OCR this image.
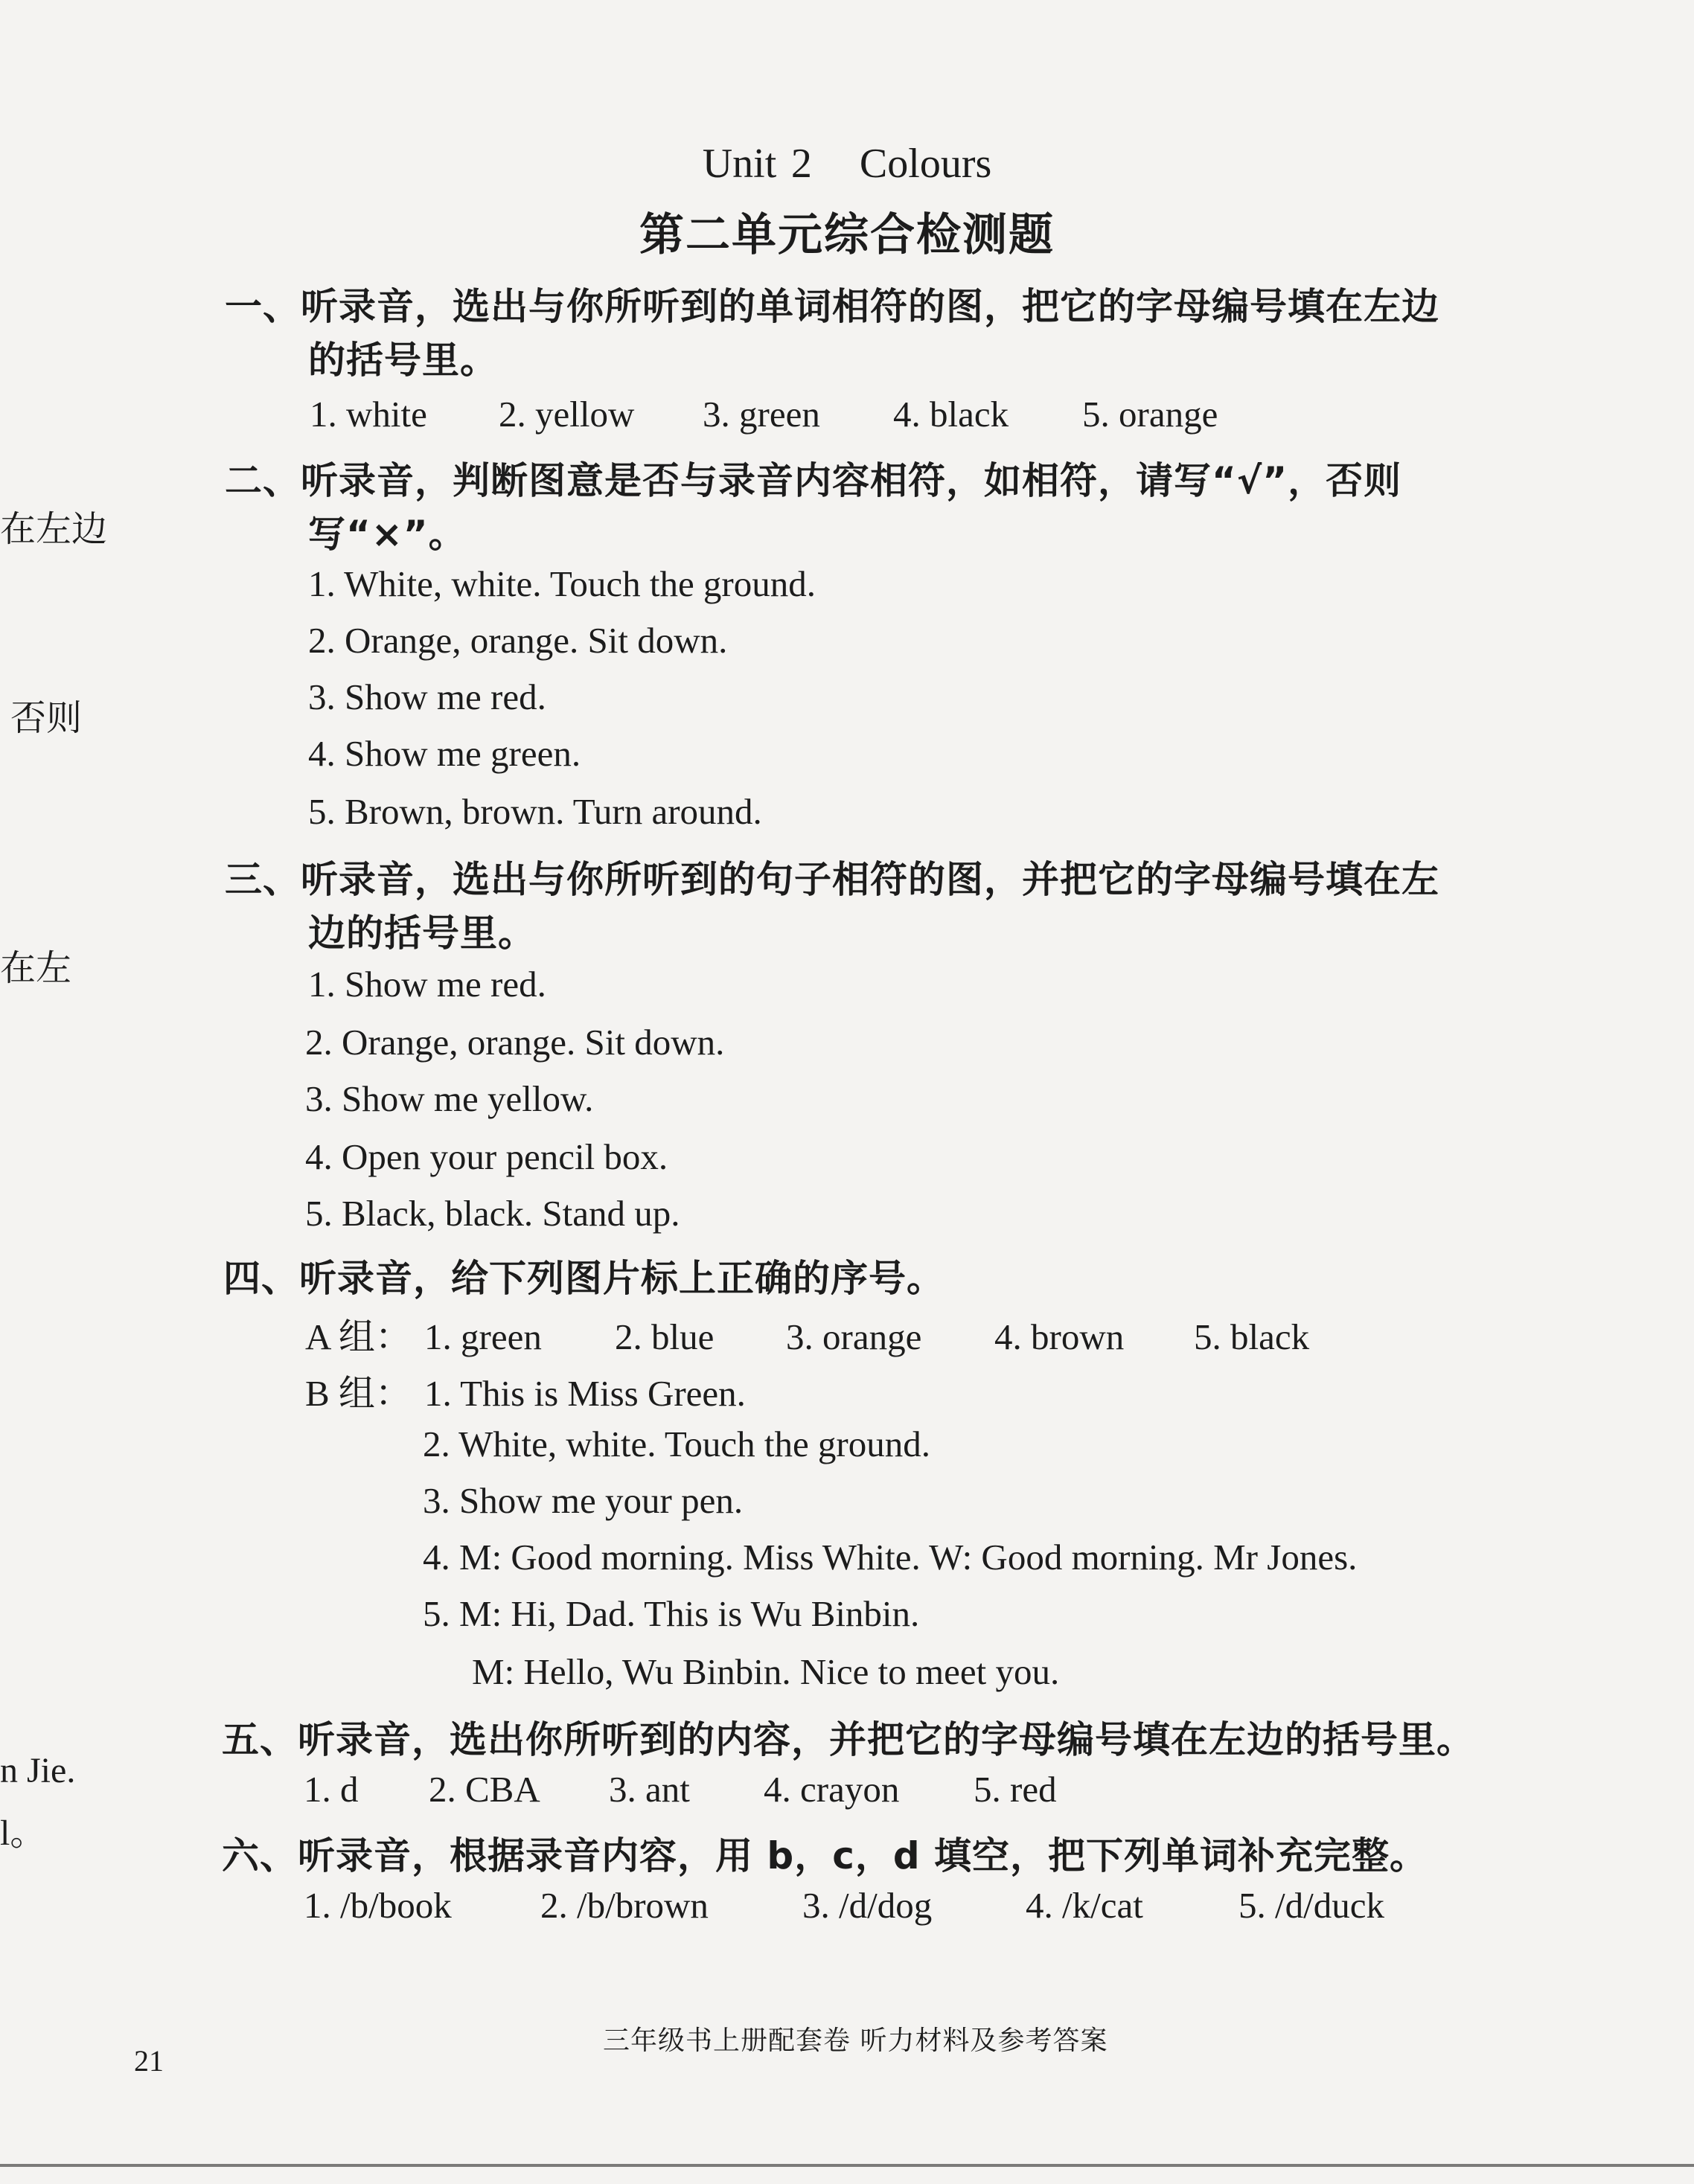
在左边
否则
在左
n Jie.
l。
Unit 2 Colours
第二单元综合检测题
一、听录音，选出与你所听到的单词相符的图，把它的字母编号填在左边
的括号里。
1. white 2. yellow 3. green 4. black 5. orange
二、听录音，判断图意是否与录音内容相符，如相符，请写“√”，否则
写“×”。
1. White, white. Touch the ground.
2. Orange, orange. Sit down.
3. Show me red.
4. Show me green.
5. Brown, brown. Turn around.
三、听录音，选出与你所听到的句子相符的图，并把它的字母编号填在左
边的括号里。
1. Show me red.
2. Orange, orange. Sit down.
3. Show me yellow.
4. Open your pencil box.
5. Black, black. Stand up.
四、听录音，给下列图片标上正确的序号。
A 组： 1. green 2. blue 3. orange 4. brown 5. black
B 组： 1. This is Miss Green.
2. White, white. Touch the ground.
3. Show me your pen.
4. M: Good morning. Miss White. W: Good morning. Mr Jones.
5. M: Hi, Dad. This is Wu Binbin.
M: Hello, Wu Binbin. Nice to meet you.
五、听录音，选出你所听到的内容，并把它的字母编号填在左边的括号里。
1. d 2. CBA 3. ant 4. crayon 5. red
六、听录音，根据录音内容，用 b，c，d 填空，把下列单词补充完整。
1. /b/book 2. /b/brown	3. /d/dog	4. /k/cat	5. /d/duck
三年级书上册配套卷 听力材料及参考答案
21
